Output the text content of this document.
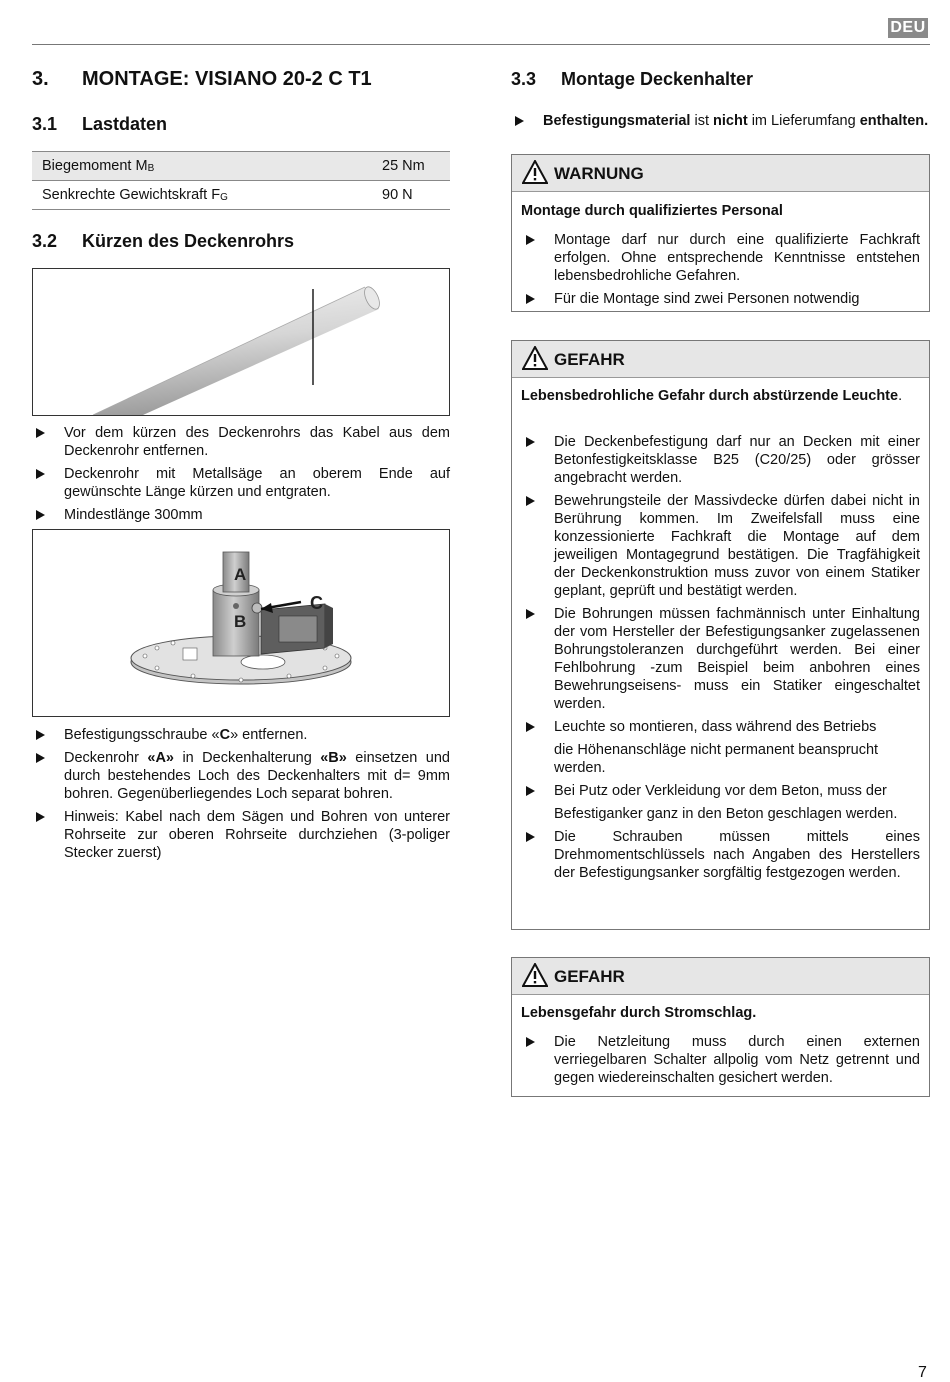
DEU
3. MONTAGE: VISIANO 20-2 C T1
3.1 Lastdaten
Biegemoment $M_B$	25 Nm
Senkrechte Gewichtskraft $F_G$	90 N
3.2 Kürzen des Deckenrohrs
Vor dem kürzen des Deckenrohrs das Kabel aus dem Deckenrohr entfernen.
Deckenrohr mit Metallsäge an oberem Ende auf gewünschte Länge kürzen und entgraten.
Mindestlänge 300mm
A
B
C
Befestigungsschraube «C» entfernen.
Deckenrohr «A» in Deckenhalterung «B» einsetzen und durch bestehendes Loch des Deckenhalters mit d= 9mm bohren. Gegenüberliegendes Loch separat bohren.
Hinweis: Kabel nach dem Sägen und Bohren von unterer Rohrseite zur oberen Rohrseite durchziehen (3-poliger Stecker zuerst)
3.3 Montage Deckenhalter
Befestigungsmaterial ist nicht im Lieferumfang enthalten.
WARNUNG
Montage durch qualifiziertes Personal
Montage darf nur durch eine qualifizierte Fachkraft erfolgen. Ohne entsprechende Kenntnisse entstehen lebensbedrohliche Gefahren.
Für die Montage sind zwei Personen notwendig
GEFAHR
Lebensbedrohliche Gefahr durch abstürzende Leuchte.
Die Deckenbefestigung darf nur an Decken mit einer Betonfestigkeitsklasse B25 (C20/25) oder grösser angebracht werden.
Bewehrungsteile der Massivdecke dürfen dabei nicht in Berührung kommen. Im Zweifelsfall muss eine konzessionierte Fachkraft die Montage auf dem jeweiligen Montagegrund bestätigen. Die Tragfähigkeit der Deckenkonstruktion muss zuvor von einem Statiker geplant, geprüft und bestätigt werden.
Die Bohrungen müssen fachmännisch unter Einhaltung der vom Hersteller der Befestigungsanker zugelassenen Bohrungstoleranzen durchgeführt werden. Bei einer Fehlbohrung -zum Beispiel beim anbohren eines Bewehrungseisens- muss ein Statiker eingeschaltet werden.
Leuchte so montieren, dass während des Betriebs
die Höhenanschläge nicht permanent beansprucht werden.
Bei Putz oder Verkleidung vor dem Beton, muss der
Befestiganker ganz in den Beton geschlagen werden.
Die Schrauben müssen mittels eines Drehmomentschlüssels nach Angaben des Herstellers der Befestigungsanker sorgfältig festgezogen werden.
GEFAHR
Lebensgefahr durch Stromschlag.
Die Netzleitung muss durch einen externen verriegelbaren Schalter allpolig vom Netz getrennt und gegen wiedereinschalten gesichert werden.
7
